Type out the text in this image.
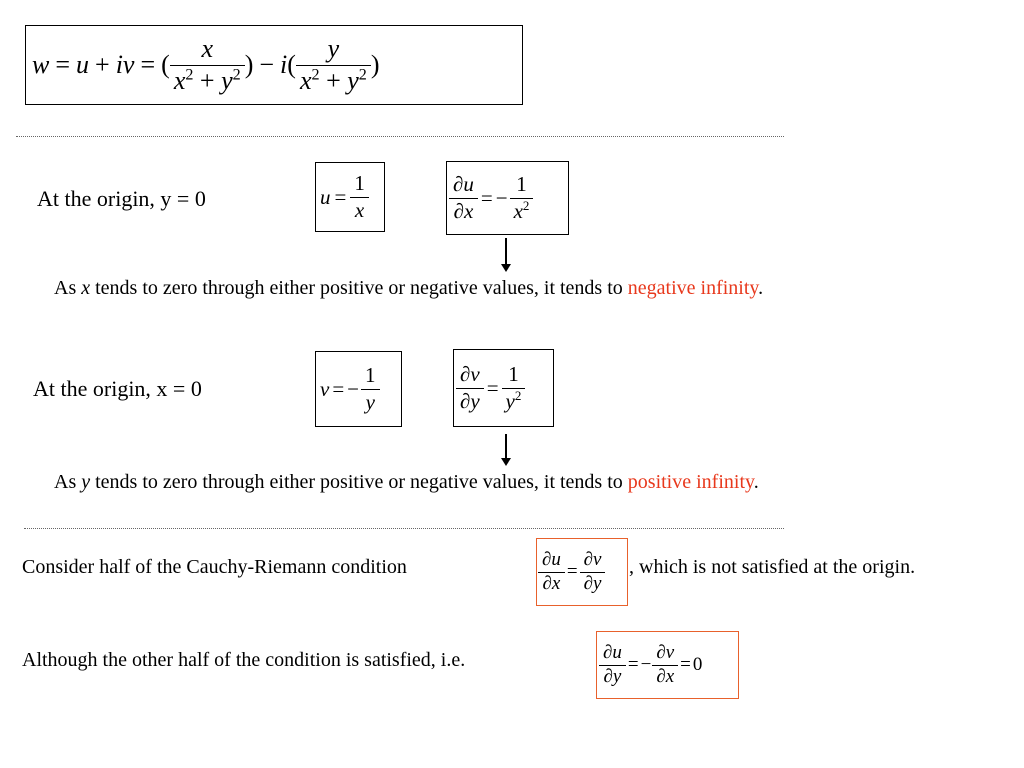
w = u + i v = ( $\frac{x}{x^2 + y^2}$ ) − i ( $\frac{y}{x^2 + y^2}$ )
At the origin, y = 0	$u = \frac{1}{x}$	$\frac{\partial u}{\partial x}$ = − $\frac{1}{x^2}$
As x tends to zero through either positive or negative values, it tends to negative infinity.
At the origin, x = 0	v = − $\frac{1}{y}$	$\frac{\partial v}{\partial y} = \frac{1}{y^2}$
As y tends to zero through either positive or negative values, it tends to positive infinity.
Consider half of the Cauchy-Riemann condition	$\frac{\partial u}{\partial x} = \frac{\partial v}{\partial y}$ , which is not satisfied at the origin.
Although the other half of the condition is satisfied, i.e.	$\frac{\partial u}{\partial y}$ = − $\frac{\partial v}{\partial x} = 0$
